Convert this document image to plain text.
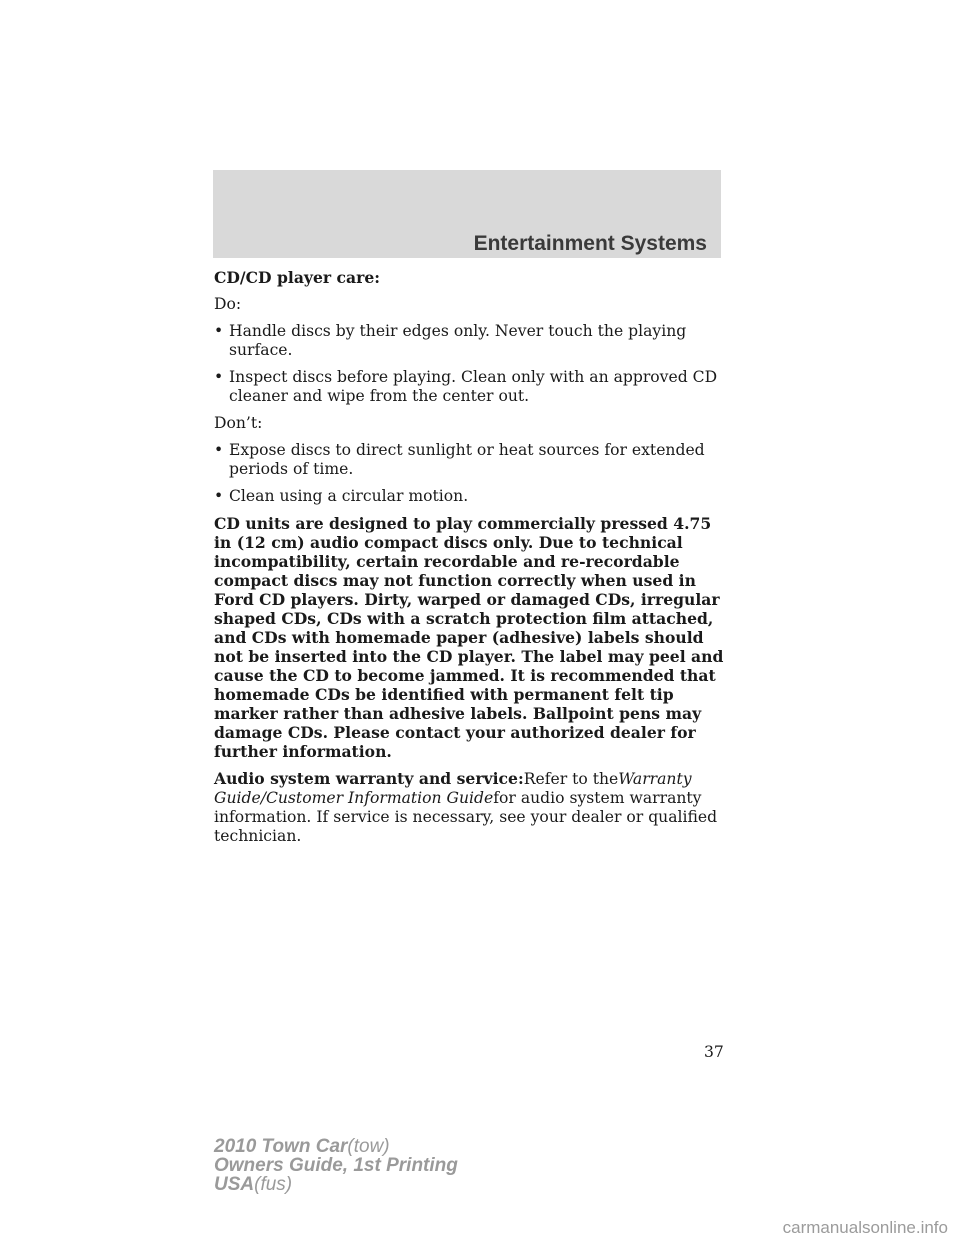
Entertainment Systems

CD/CD player care:

Do:

• Handle discs by their edges only. Never touch the playing surface.
• Inspect discs before playing. Clean only with an approved CD cleaner and wipe from the center out.

Don’t:

• Expose discs to direct sunlight or heat sources for extended periods of time.
• Clean using a circular motion.

CD units are designed to play commercially pressed 4.75 in (12 cm) audio compact discs only. Due to technical incompatibility, certain recordable and re-recordable compact discs may not function correctly when used in Ford CD players. Dirty, warped or damaged CDs, irregular shaped CDs, CDs with a scratch protection film attached, and CDs with homemade paper (adhesive) labels should not be inserted into the CD player. The label may peel and cause the CD to become jammed. It is recommended that homemade CDs be identified with permanent felt tip marker rather than adhesive labels. Ballpoint pens may damage CDs. Please contact your authorized dealer for further information.

Audio system warranty and service:Refer to theWarranty Guide/Customer Information Guidefor audio system warranty information. If service is necessary, see your dealer or qualified technician.

37
2010 Town Car(tow)
Owners Guide, 1st Printing
USA(fus)
carmanualsonline.info
